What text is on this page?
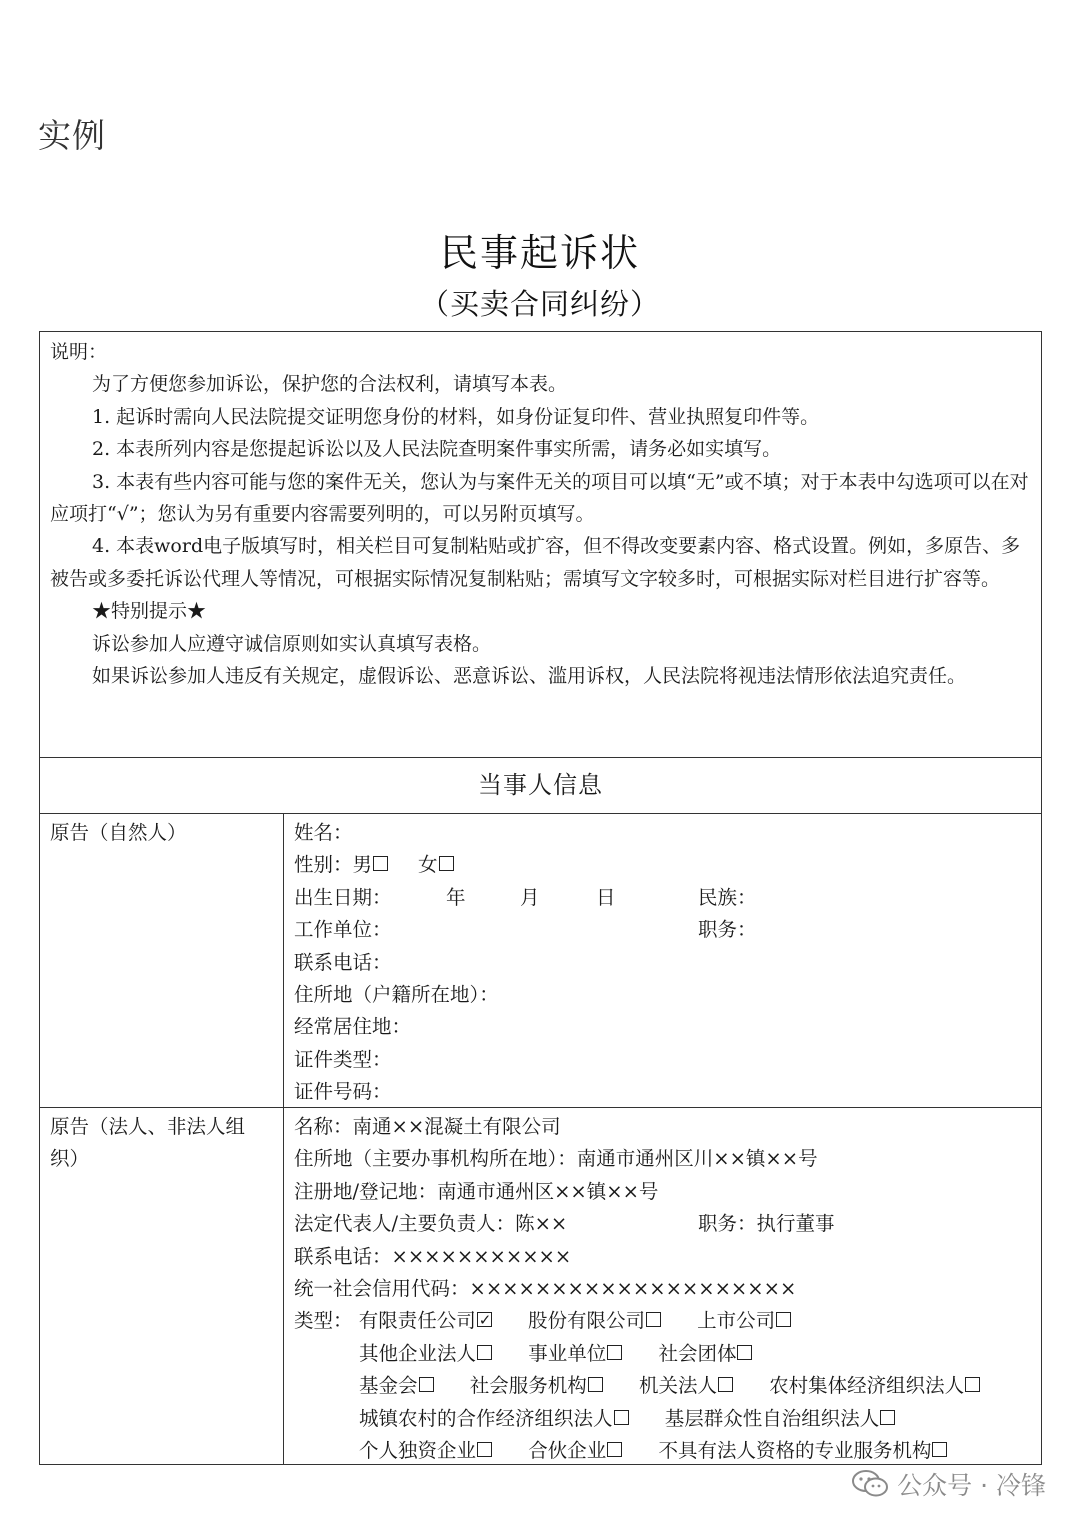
实例
民事起诉状
（买卖合同纠纷）

说明：

为了方便您参加诉讼，保护您的合法权利，请填写本表。

1. 起诉时需向人民法院提交证明您身份的材料，如身份证复印件、营业执照复印件等。

2. 本表所列内容是您提起诉讼以及人民法院查明案件事实所需，请务必如实填写。

3. 本表有些内容可能与您的案件无关，您认为与案件无关的项目可以填“无”或不填；对于本表中勾选项可以在对应项打“√”；您认为另有重要内容需要列明的，可以另附页填写。

4. 本表word电子版填写时，相关栏目可复制粘贴或扩容，但不得改变要素内容、格式设置。例如，多原告、多被告或多委托诉讼代理人等情况，可根据实际情况复制粘贴；需填写文字较多时，可根据实际对栏目进行扩容等。

★特别提示★

诉讼参加人应遵守诚信原则如实认真填写表格。

如果诉讼参加人违反有关规定，虚假诉讼、恶意诉讼、滥用诉权，人民法院将视违法情形依法追究责任。

当事人信息
原告（自然人）	姓名：
性别：男 女
出生日期：	年	月	日	民族：
工作单位：	职务：
联系电话：
住所地（户籍所在地）：
经常居住地：
证件类型：
证件号码：
原告（法人、非法人组织）
名称：南通××混凝土有限公司
住所地（主要办事机构所在地）：南通市通州区川××镇××号
注册地/登记地：南通市通州区××镇××号
法定代表人/主要负责人：陈××	职务：执行董事
联系电话：×××××××××××
统一社会信用代码：××××××××××××××××××××
类型： 有限责任公司✓	股份有限公司	上市公司
其他企业法人	事业单位	社会团体
基金会	社会服务机构	机关法人	农村集体经济组织法人
城镇农村的合作经济组织法人	基层群众性自治组织法人
个人独资企业	合伙企业	不具有法人资格的专业服务机构
公众号 · 冷锋
